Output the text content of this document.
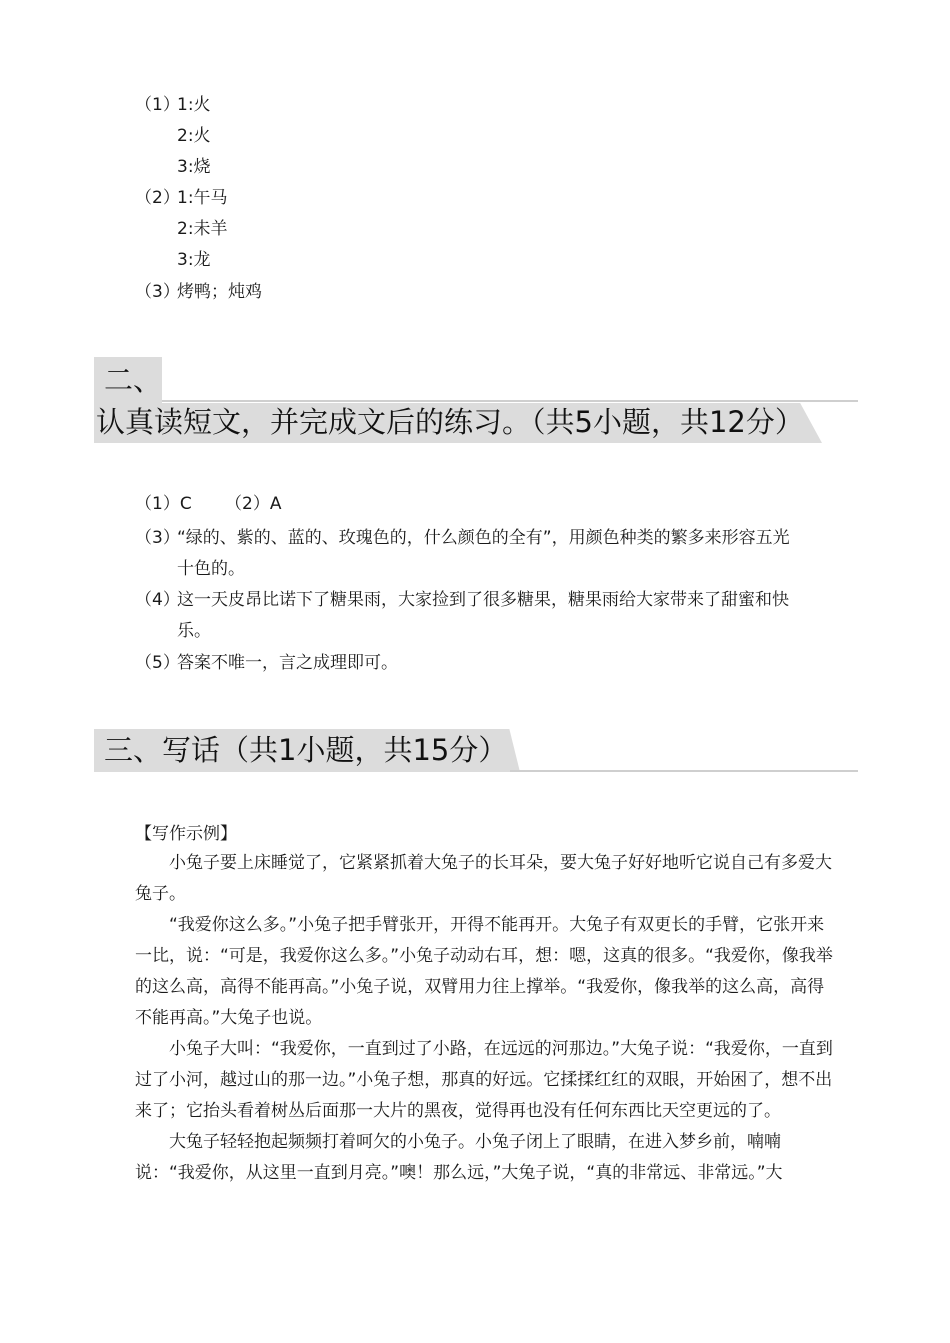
（1）1:火
2:火
3:烧
（2）1:午马
2:未羊
3:龙
（3）烤鸭；炖鸡
二、
认真读短文，并完成文后的练习。（共5小题，共12分）
（1）C （2）A
（3）
“绿的、紫的、蓝的、玫瑰色的，什么颜色的全有”，用颜色种类的繁多来形容五光十色的。
（4）
这一天皮昂比诺下了糖果雨，大家捡到了很多糖果，糖果雨给大家带来了甜蜜和快乐。
（5）
答案不唯一，言之成理即可。
三、写话（共1小题，共15分）
【写作示例】

小兔子要上床睡觉了，它紧紧抓着大兔子的长耳朵，要大兔子好好地听它说自己有多爱大兔子。

“我爱你这么多。”小兔子把手臂张开，开得不能再开。大兔子有双更长的手臂，它张开来一比，说：“可是，我爱你这么多。”小兔子动动右耳，想：嗯，这真的很多。“我爱你，像我举的这么高，高得不能再高。”小兔子说，双臂用力往上撑举。“我爱你，像我举的这么高，高得不能再高。”大兔子也说。

小兔子大叫：“我爱你，一直到过了小路，在远远的河那边。”大兔子说：“我爱你，一直到过了小河，越过山的那一边。”小兔子想，那真的好远。它揉揉红红的双眼，开始困了，想不出来了；它抬头看着树丛后面那一大片的黑夜，觉得再也没有任何东西比天空更远的了。

大兔子轻轻抱起频频打着呵欠的小兔子。小兔子闭上了眼睛，在进入梦乡前，喃喃说：“我爱你，从这里一直到月亮。”噢！那么远，”大兔子说，“真的非常远、非常远。”大
